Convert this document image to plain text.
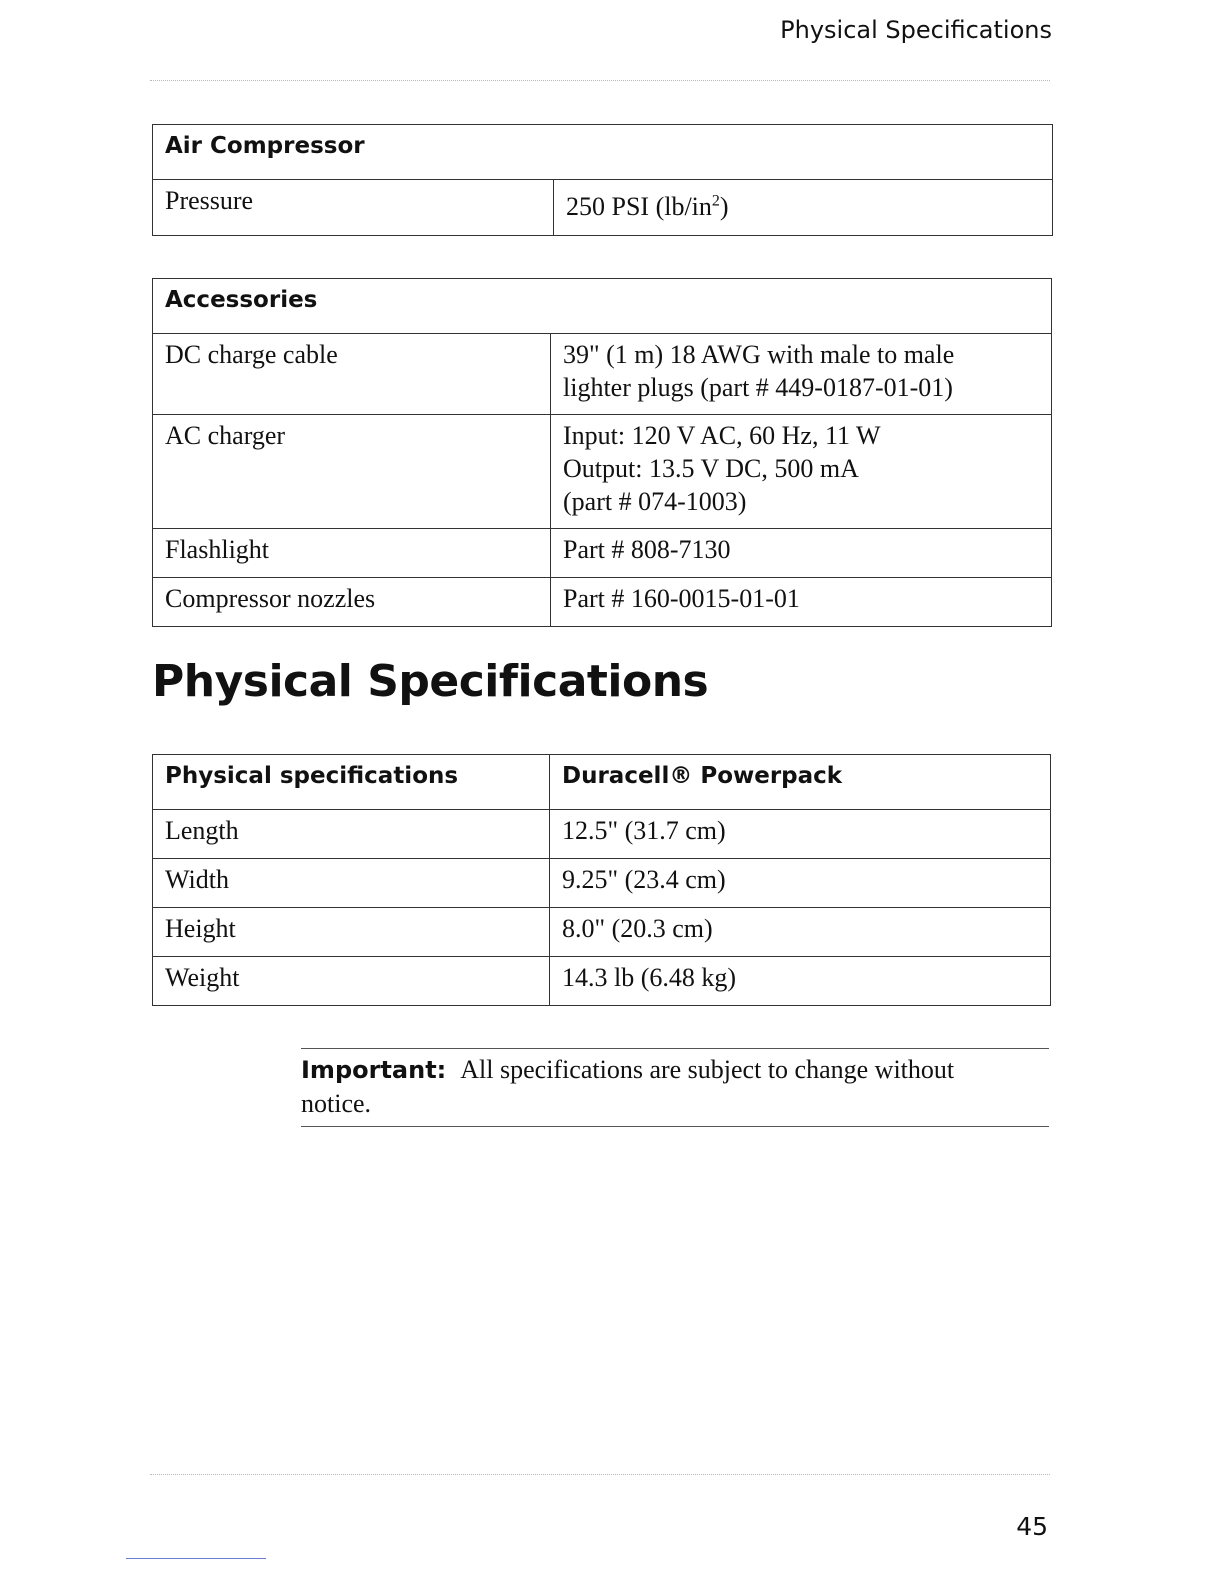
Physical Specifications
Air Compressor
Pressure	250 PSI $(lb/in^2)$
Accessories	
DC charge cable	39" (1 m) 18 AWG with male to male
lighter plugs (part # 449-0187-01-01)

AC charger	Input: 120 V AC, 60 Hz, 11 W
Output: 13.5 V DC, 500 mA
(part # 074-1003)

Flashlight	Part # 808-7130
Compressor nozzles	Part # 160-0015-01-01
Physical Specifications
Physical specifications	Duracell® Powerpack
Length	12.5" (31.7 cm)
Width	9.25" (23.4 cm)
Height	8.0" (20.3 cm)
Weight	14.3 lb (6.48 kg)
Important: All specifications are subject to change without
notice.
45
